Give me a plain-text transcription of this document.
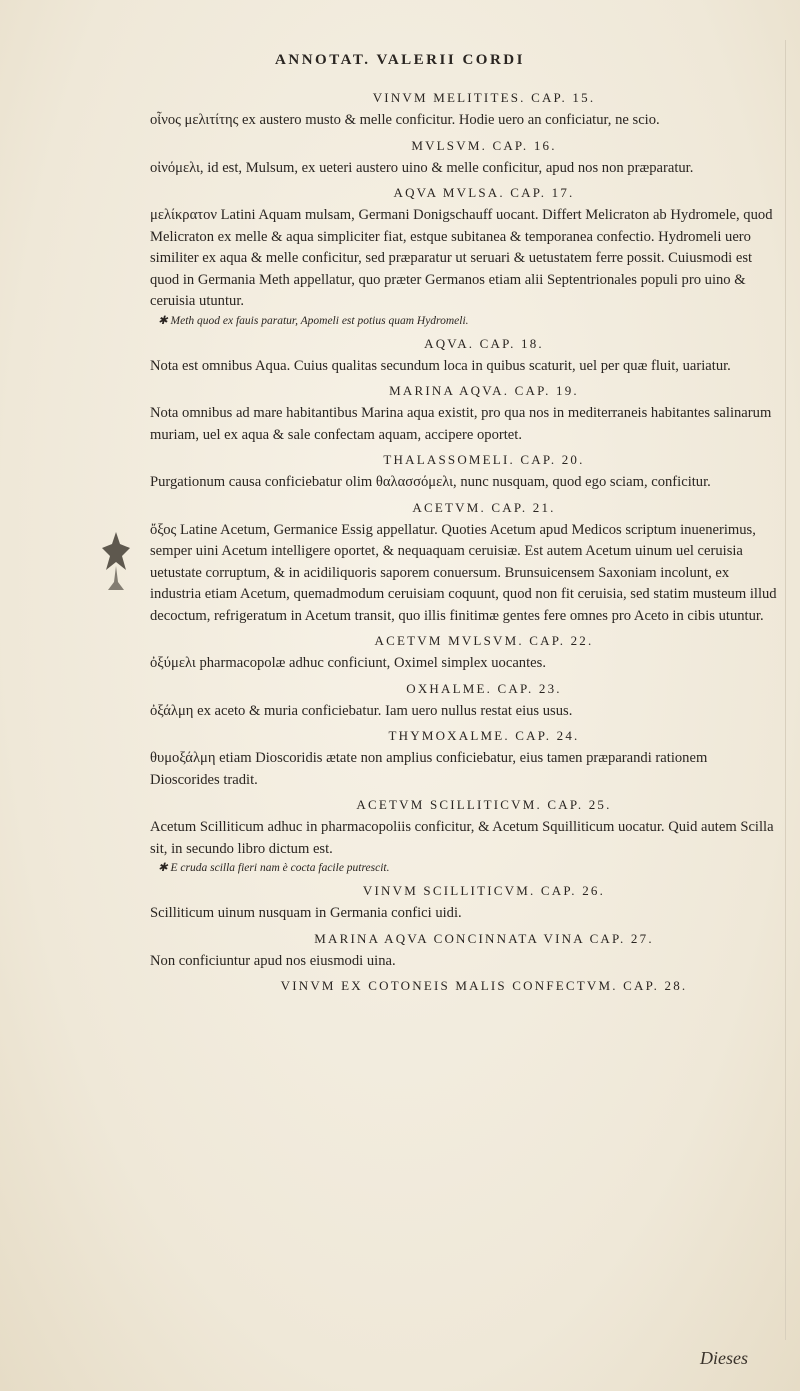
ANNOTAT. VALERII CORDI
VINVM MELITITES. CAP. 15.

οἶνος μελιτίτης ex austero musto & melle conficitur. Hodie uero an conficiatur, ne scio.

MVLSVM. CAP. 16.

οἰνόμελι, id est, Mulsum, ex ueteri austero uino & melle conficitur, apud nos non præparatur.

AQVA MVLSA. CAP. 17.

μελίκρατον Latini Aquam mulsam, Germani Donigschauff uocant. Differt Melicraton ab Hydromele, quod Melicraton ex melle & aqua simpliciter fiat, estque subitanea & temporanea confectio. Hydromeli uero similiter ex aqua & melle conficitur, sed præparatur ut seruari & uetustatem ferre possit. Cuiusmodi est quod in Germania Meth appellatur, quo præter Germanos etiam alii Septentrionales populi pro uino & ceruisia utuntur.

✱ Meth quod ex fauis paratur, Apomeli est potius quam Hydromeli.

AQVA. CAP. 18.

Nota est omnibus Aqua. Cuius qualitas secundum loca in quibus scaturit, uel per quæ fluit, uariatur.

MARINA AQVA. CAP. 19.

Nota omnibus ad mare habitantibus Marina aqua existit, pro qua nos in mediterraneis habitantes salinarum muriam, uel ex aqua & sale confectam aquam, accipere oportet.

THALASSOMELI. CAP. 20.

Purgationum causa conficiebatur olim θαλασσόμελι, nunc nusquam, quod ego sciam, conficitur.

ACETVM. CAP. 21.

ὄξος Latine Acetum, Germanice Essig appellatur. Quoties Acetum apud Medicos scriptum inuenerimus, semper uini Acetum intelligere oportet, & nequaquam ceruisiæ. Est autem Acetum uinum uel ceruisia uetustate corruptum, & in acidiliquoris saporem conuersum. Brunsuicensem Saxoniam incolunt, ex industria etiam Acetum, quemadmodum ceruisiam coquunt, quod non fit ceruisia, sed statim musteum illud decoctum, refrigeratum in Acetum transit, quo illis finitimæ gentes fere omnes pro Aceto in cibis utuntur.

ACETVM MVLSVM. CAP. 22.

ὀξύμελι pharmacopolæ adhuc conficiunt, Oximel simplex uocantes.

OXHALME. CAP. 23.

ὀξάλμη ex aceto & muria conficiebatur. Iam uero nullus restat eius usus.

THYMOXALME. CAP. 24.

θυμοξάλμη etiam Dioscoridis ætate non amplius conficiebatur, eius tamen præparandi rationem Dioscorides tradit.

ACETVM SCILLITICVM. CAP. 25.

Acetum Scilliticum adhuc in pharmacopoliis conficitur, & Acetum Squilliticum uocatur. Quid autem Scilla sit, in secundo libro dictum est.

✱ E cruda scilla fieri nam è cocta facile putrescit.

VINVM SCILLITICVM. CAP. 26.

Scilliticum uinum nusquam in Germania confici uidi.

MARINA AQVA CONCINNATA VINA CAP. 27.

Non conficiuntur apud nos eiusmodi uina.

VINVM EX COTONEIS MALIS CONFECTVM. CAP. 28.
Dieses
